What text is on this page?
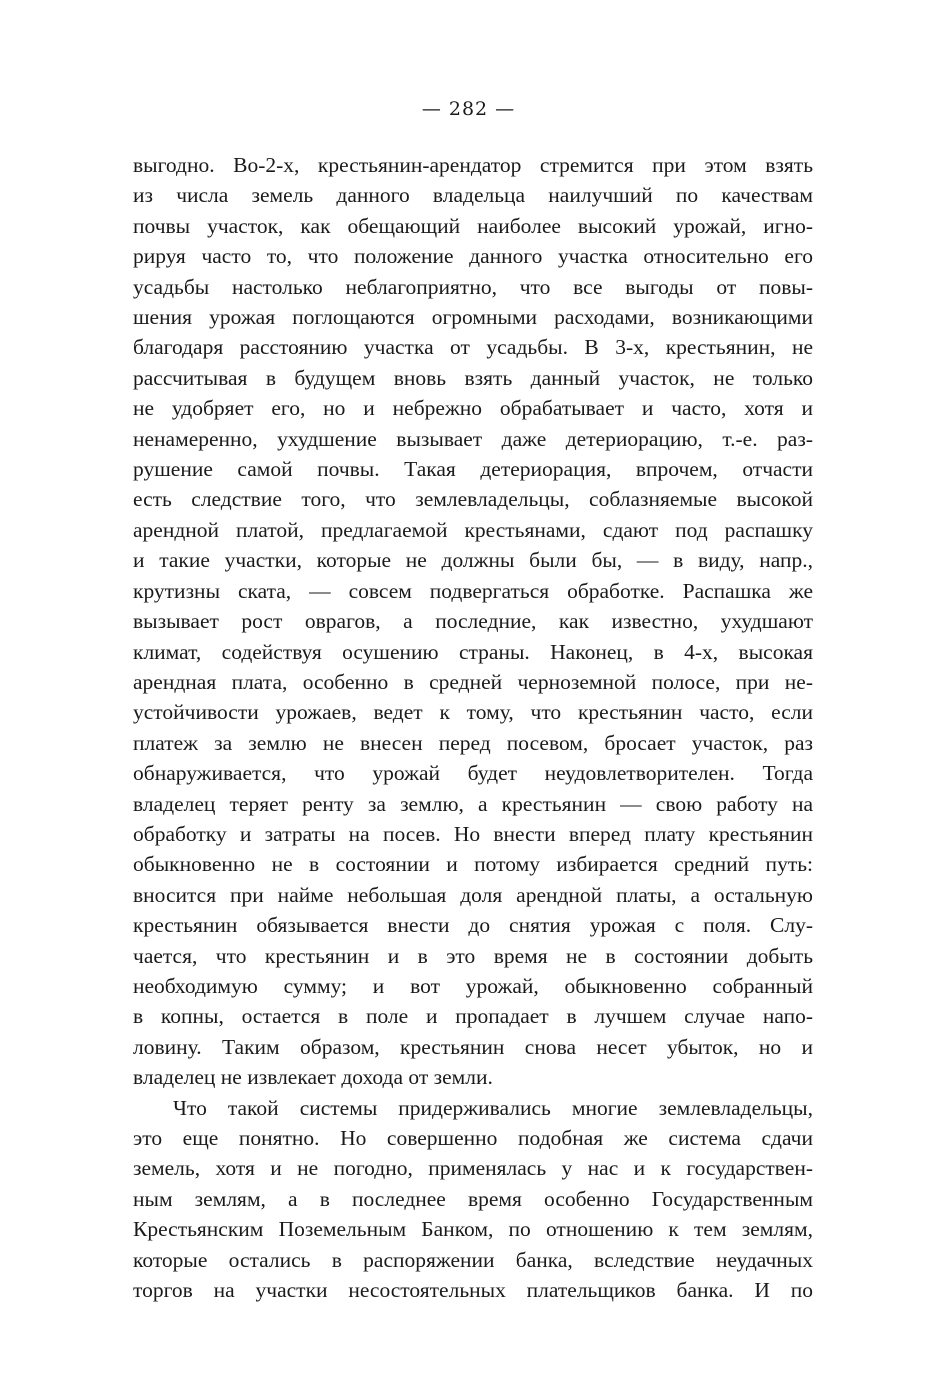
— 282 —
выгодно. Во-2-х, крестьянин-арендатор стремится при этом взять
из числа земель данного владельца наилучший по качествам
почвы участок, как обещающий наиболее высокий урожай, игно-
рируя часто то, что положение данного участка относительно его
усадьбы настолько неблагоприятно, что все выгоды от повы-
шения урожая поглощаются огромными расходами, возникающими
благодаря расстоянию участка от усадьбы. В 3-х, крестьянин, не
рассчитывая в будущем вновь взять данный участок, не только
не удобряет его, но и небрежно обрабатывает и часто, хотя и
ненамеренно, ухудшение вызывает даже детериорацию, т.-е. раз-
рушение самой почвы. Такая детериорация, впрочем, отчасти
есть следствие того, что землевладельцы, соблазняемые высокой
арендной платой, предлагаемой крестьянами, сдают под распашку
и такие участки, которые не должны были бы, — в виду, напр.,
крутизны ската, — совсем подвергаться обработке. Распашка же
вызывает рост оврагов, а последние, как известно, ухудшают
климат, содействуя осушению страны. Наконец, в 4-х, высокая
арендная плата, особенно в средней черноземной полосе, при не-
устойчивости урожаев, ведет к тому, что крестьянин часто, если
платеж за землю не внесен перед посевом, бросает участок, раз
обнаруживается, что урожай будет неудовлетворителен. Тогда
владелец теряет ренту за землю, а крестьянин — свою работу на
обработку и затраты на посев. Но внести вперед плату крестьянин
обыкновенно не в состоянии и потому избирается средний путь:
вносится при найме небольшая доля арендной платы, а остальную
крестьянин обязывается внести до снятия урожая с поля. Слу-
чается, что крестьянин и в это время не в состоянии добыть
необходимую сумму; и вот урожай, обыкновенно собранный
в копны, остается в поле и пропадает в лучшем случае напо-
ловину. Таким образом, крестьянин снова несет убыток, но и
владелец не извлекает дохода от земли.
Что такой системы придерживались многие землевладельцы,
это еще понятно. Но совершенно подобная же система сдачи
земель, хотя и не погодно, применялась у нас и к государствен-
ным землям, а в последнее время особенно Государственным
Крестьянским Поземельным Банком, по отношению к тем землям,
которые остались в распоряжении банка, вследствие неудачных
торгов на участки несостоятельных плательщиков банка. И по
